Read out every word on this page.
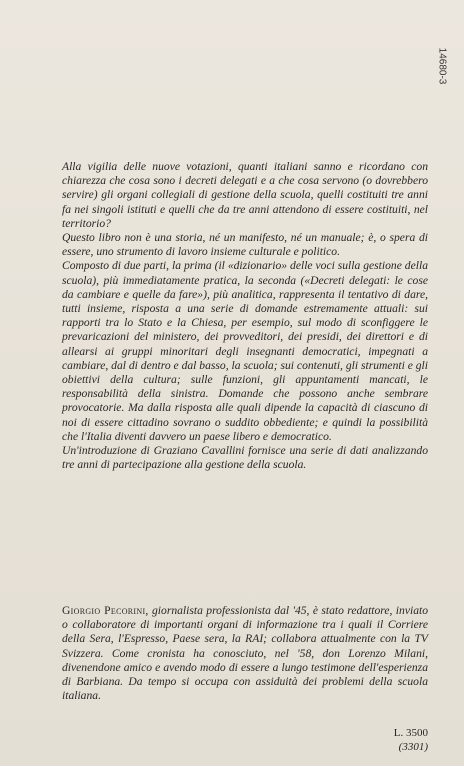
14680-3

Alla vigilia delle nuove votazioni, quanti italiani sanno e ricordano con chiarezza che cosa sono i decreti delegati e a che cosa servono (o dovrebbero servire) gli organi collegiali di gestione della scuola, quelli costituiti tre anni fa nei singoli istituti e quelli che da tre anni attendono di essere costituiti, nel territorio?

Questo libro non è una storia, né un manifesto, né un manuale; è, o spera di essere, uno strumento di lavoro insieme culturale e politico.

Composto di due parti, la prima (il «dizionario» delle voci sulla gestione della scuola), più immediatamente pratica, la seconda («Decreti delegati: le cose da cambiare e quelle da fare»), più analitica, rappresenta il tentativo di dare, tutti insieme, risposta a una serie di domande estremamente attuali: sui rapporti tra lo Stato e la Chiesa, per esempio, sul modo di sconfiggere le prevaricazioni del ministero, dei provveditori, dei presidi, dei direttori e di allearsi ai gruppi minoritari degli insegnanti democratici, impegnati a cambiare, dal di dentro e dal basso, la scuola; sui contenuti, gli strumenti e gli obiettivi della cultura; sulle funzioni, gli appuntamenti mancati, le responsabilità della sinistra. Domande che possono anche sembrare provocatorie. Ma dalla risposta alle quali dipende la capacità di ciascuno di noi di essere cittadino sovrano o suddito obbediente; e quindi la possibilità che l'Italia diventi davvero un paese libero e democratico.

Un'introduzione di Graziano Cavallini fornisce una serie di dati analizzando tre anni di partecipazione alla gestione della scuola.

Giorgio Pecorini, giornalista professionista dal '45, è stato redattore, inviato o collaboratore di importanti organi di informazione tra i quali il Corriere della Sera, l'Espresso, Paese sera, la RAI; collabora attualmente con la TV Svizzera. Come cronista ha conosciuto, nel '58, don Lorenzo Milani, divenendone amico e avendo modo di essere a lungo testimone dell'esperienza di Barbiana. Da tempo si occupa con assiduità dei problemi della scuola italiana.

L. 3500
(3301)
